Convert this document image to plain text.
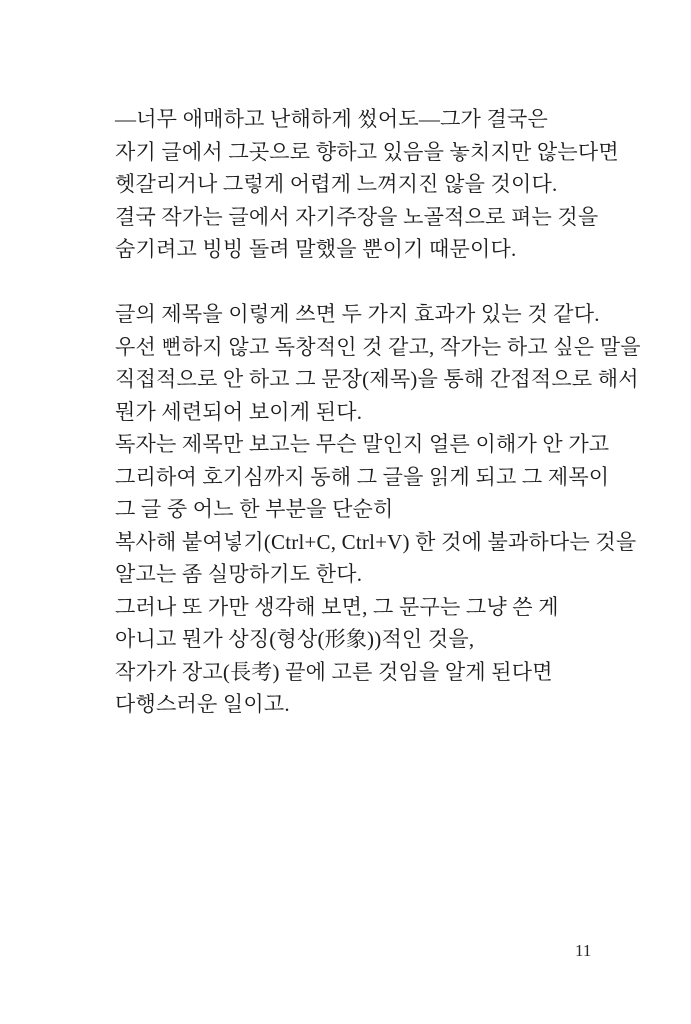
—너무 애매하고 난해하게 썼어도—그가 결국은
자기 글에서 그곳으로 향하고 있음을 놓치지만 않는다면
헷갈리거나 그렇게 어렵게 느껴지진 않을 것이다.
결국 작가는 글에서 자기주장을 노골적으로 펴는 것을
숨기려고 빙빙 돌려 말했을 뿐이기 때문이다.
글의 제목을 이렇게 쓰면 두 가지 효과가 있는 것 같다.
우선 뻔하지 않고 독창적인 것 같고, 작가는 하고 싶은 말을
직접적으로 안 하고 그 문장(제목)을 통해 간접적으로 해서
뭔가 세련되어 보이게 된다.
독자는 제목만 보고는 무슨 말인지 얼른 이해가 안 가고
그리하여 호기심까지 동해 그 글을 읽게 되고 그 제목이
그 글 중 어느 한 부분을 단순히
복사해 붙여넣기(Ctrl+C, Ctrl+V) 한 것에 불과하다는 것을
알고는 좀 실망하기도 한다.
그러나 또 가만 생각해 보면, 그 문구는 그냥 쓴 게
아니고 뭔가 상징(형상(形象))적인 것을,
작가가 장고(長考) 끝에 고른 것임을 알게 된다면
다행스러운 일이고.
11
